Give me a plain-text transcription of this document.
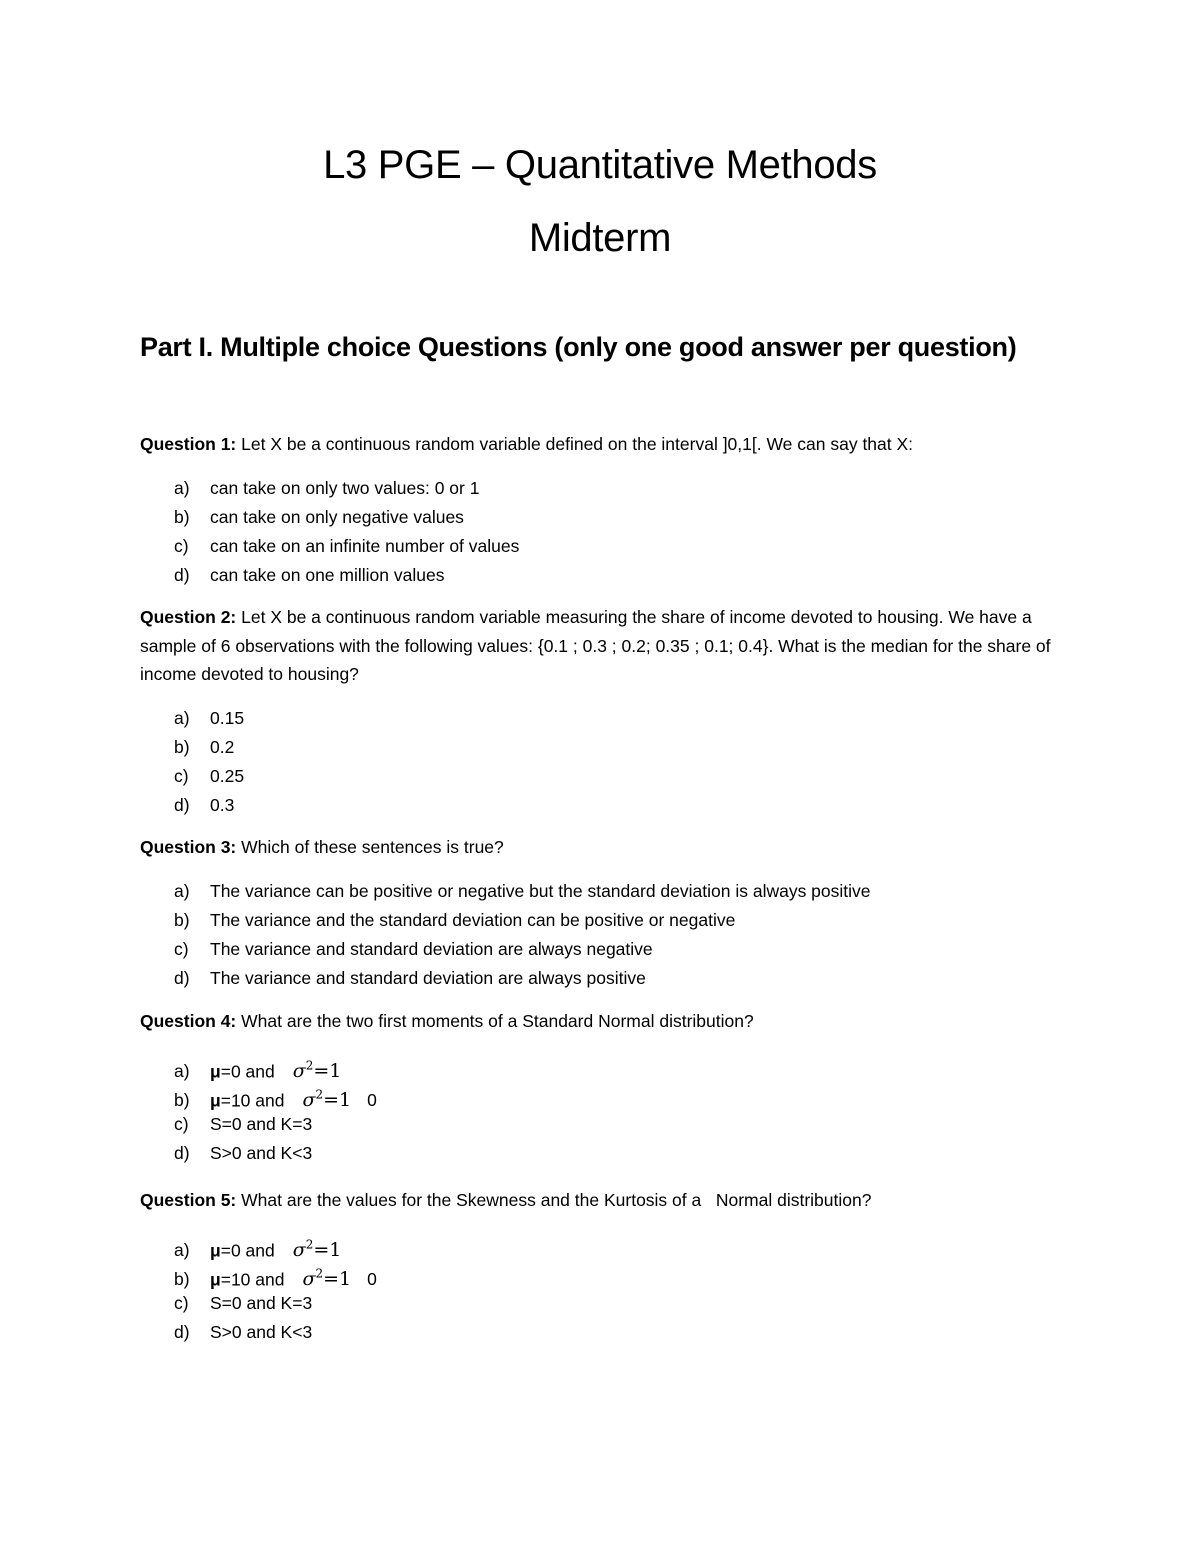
L3 PGE – Quantitative Methods
Midterm
Part I. Multiple choice Questions (only one good answer per question)
Question 1: Let X be a continuous random variable defined on the interval ]0,1[. We can say that X:
a) can take on only two values: 0 or 1
b) can take on only negative values
c) can take on an infinite number of values
d) can take on one million values
Question 2: Let X be a continuous random variable measuring the share of income devoted to housing. We have a sample of 6 observations with the following values: {0.1 ; 0.3 ; 0.2; 0.35 ; 0.1; 0.4}. What is the median for the share of income devoted to housing?
a) 0.15
b) 0.2
c) 0.25
d) 0.3
Question 3: Which of these sentences is true?
a) The variance can be positive or negative but the standard deviation is always positive
b) The variance and the standard deviation can be positive or negative
c) The variance and standard deviation are always negative
d) The variance and standard deviation are always positive
Question 4: What are the two first moments of a Standard Normal distribution?
a) μ=0 and $\sigma^2=1$
b) μ=10 and $\sigma^2=1$ 0
c) S=0 and K=3
d) S>0 and K<3
Question 5: What are the values for the Skewness and the Kurtosis of a   Normal distribution?
a) μ=0 and $\sigma^2=1$
b) μ=10 and $\sigma^2=1$ 0
c) S=0 and K=3
d) S>0 and K<3
